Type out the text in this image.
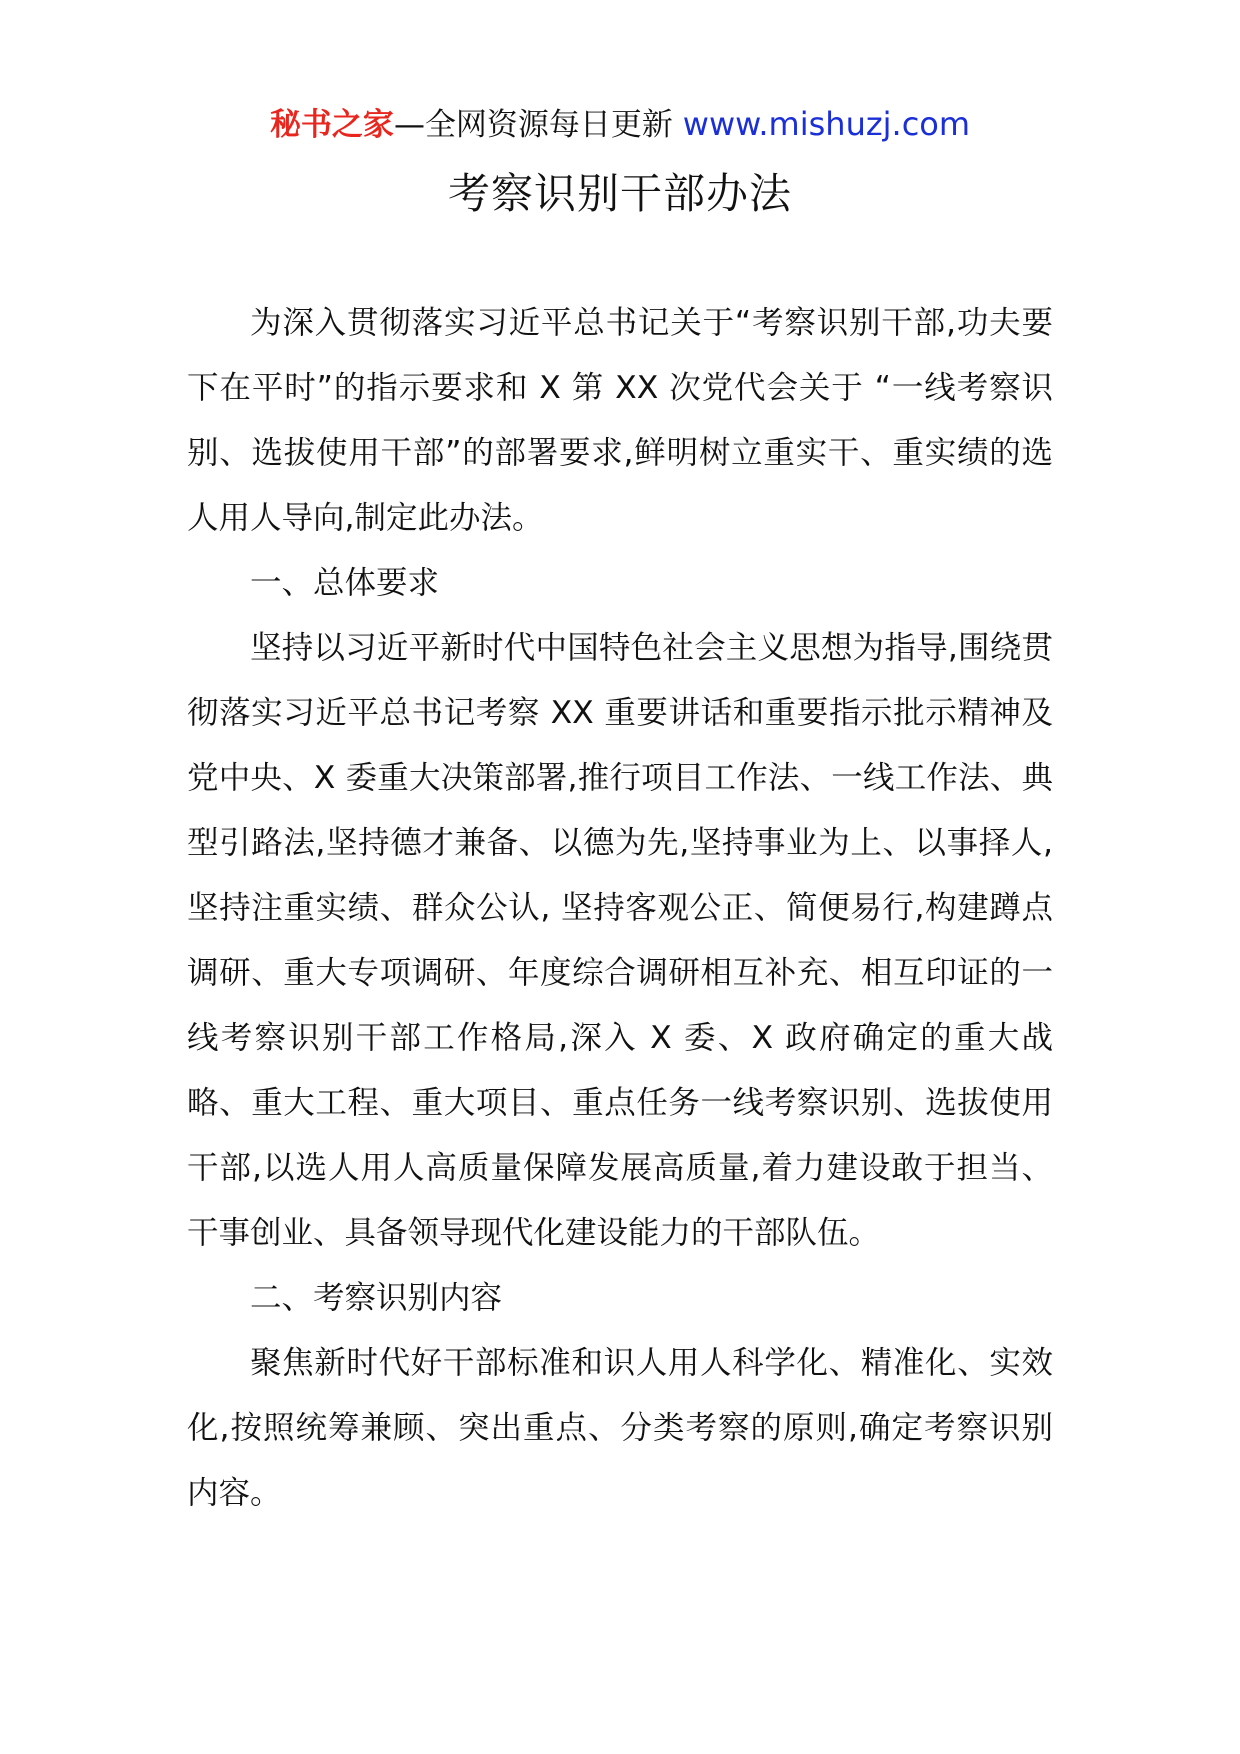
秘书之家—全网资源每日更新 www.mishuzj.com
考察识别干部办法

为深入贯彻落实习近平总书记关于“考察识别干部,功夫要下在平时”的指示要求和 X 第 XX 次党代会关于 “一线考察识别、选拔使用干部”的部署要求,鲜明树立重实干、重实绩的选人用人导向,制定此办法。

一、总体要求

坚持以习近平新时代中国特色社会主义思想为指导,围绕贯彻落实习近平总书记考察 XX 重要讲话和重要指示批示精神及党中央、X 委重大决策部署,推行项目工作法、一线工作法、典型引路法,坚持德才兼备、以德为先,坚持事业为上、以事择人,坚持注重实绩、群众公认, 坚持客观公正、简便易行,构建蹲点调研、重大专项调研、年度综合调研相互补充、相互印证的一线考察识别干部工作格局,深入 X 委、X 政府确定的重大战略、重大工程、重大项目、重点任务一线考察识别、选拔使用干部,以选人用人高质量保障发展高质量,着力建设敢于担当、干事创业、具备领导现代化建设能力的干部队伍。

二、考察识别内容

聚焦新时代好干部标准和识人用人科学化、精准化、实效化,按照统筹兼顾、突出重点、分类考察的原则,确定考察识别内容。
